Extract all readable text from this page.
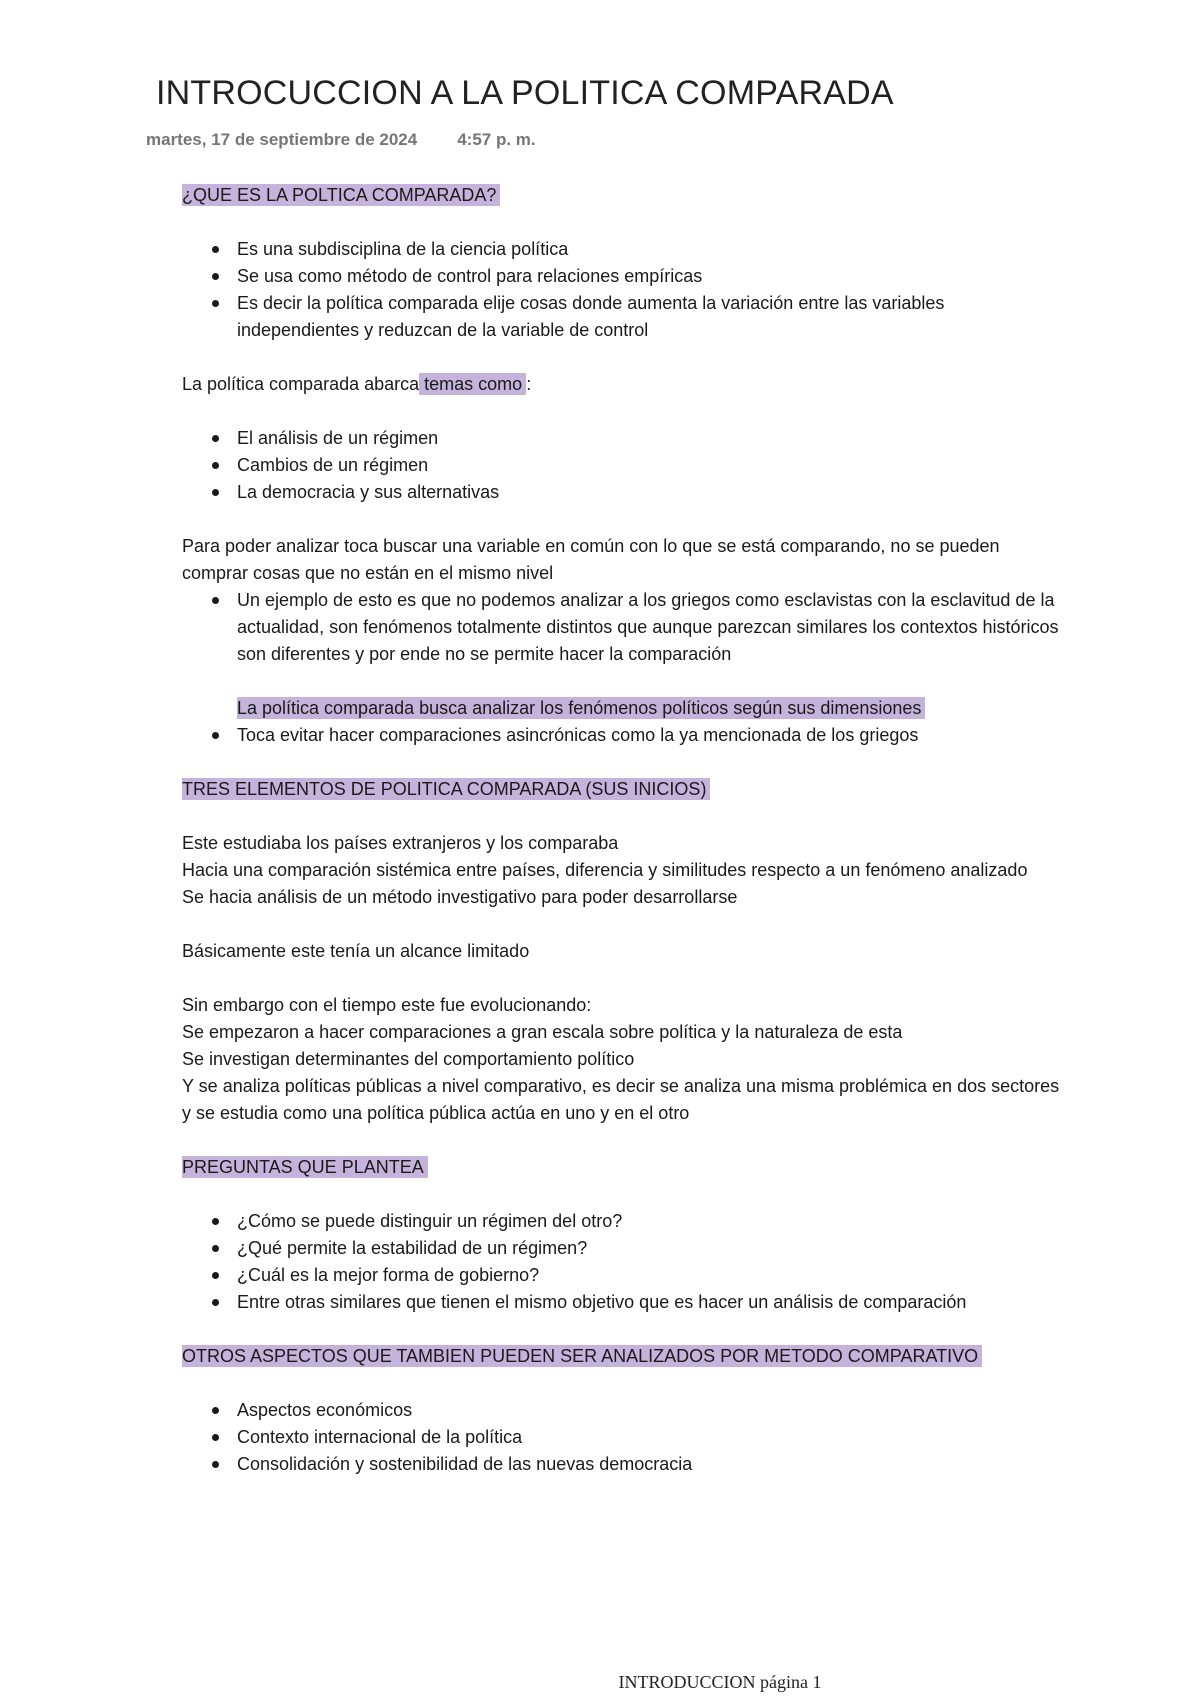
INTROCUCCION A LA POLITICA COMPARADA
martes, 17 de septiembre de 2024 4:57 p. m.

¿QUE ES LA POLTICA COMPARADA?

Es una subdisciplina de la ciencia política
Se usa como método de control para relaciones empíricas
Es decir la política comparada elije cosas donde aumenta la variación entre las variables independientes y reduzcan de la variable de control

La política comparada abarca temas como :

El análisis de un régimen
Cambios de un régimen
La democracia y sus alternativas

Para poder analizar toca buscar una variable en común con lo que se está comparando, no se pueden comprar cosas que no están en el mismo nivel

Un ejemplo de esto es que no podemos analizar a los griegos como esclavistas con la esclavitud de la actualidad, son fenómenos totalmente distintos que aunque parezcan similares los contextos históricos son diferentes y por ende no se permite hacer la comparación

La política comparada busca analizar los fenómenos políticos según sus dimensiones

Toca evitar hacer comparaciones asincrónicas como la ya mencionada de los griegos

TRES ELEMENTOS DE POLITICA COMPARADA (SUS INICIOS)

Este estudiaba los países extranjeros y los comparaba

Hacia una comparación sistémica entre países, diferencia y similitudes respecto a un fenómeno analizado

Se hacia análisis de un método investigativo para poder desarrollarse

Básicamente este tenía un alcance limitado

Sin embargo con el tiempo este fue evolucionando:

Se empezaron a hacer comparaciones a gran escala sobre política y la naturaleza de esta

Se investigan determinantes del comportamiento político

Y se analiza políticas públicas a nivel comparativo, es decir se analiza una misma problémica en dos sectores y se estudia como una política pública actúa en uno y en el otro

PREGUNTAS QUE PLANTEA

¿Cómo se puede distinguir un régimen del otro?
¿Qué permite la estabilidad de un régimen?
¿Cuál es la mejor forma de gobierno?
Entre otras similares que tienen el mismo objetivo que es hacer un análisis de comparación

OTROS ASPECTOS QUE TAMBIEN PUEDEN SER ANALIZADOS POR METODO COMPARATIVO

Aspectos económicos
Contexto internacional de la política
Consolidación y sostenibilidad de las nuevas democracia
INTRODUCCION página 1
